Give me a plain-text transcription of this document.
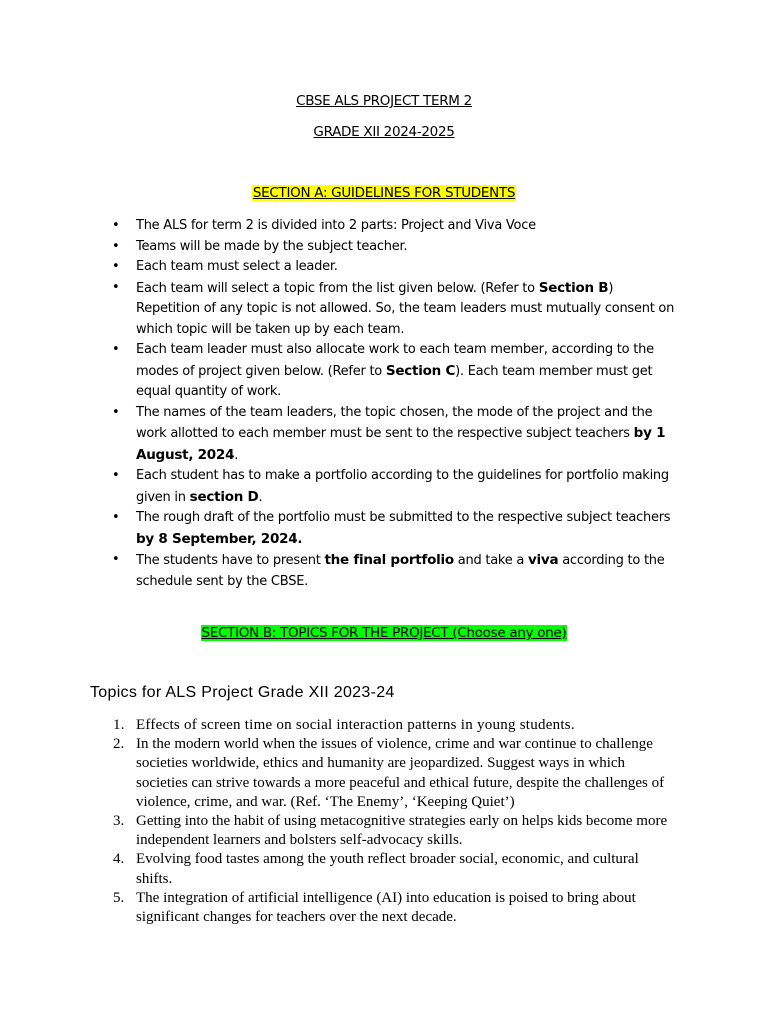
CBSE ALS PROJECT TERM 2
GRADE XII 2024-2025
SECTION A: GUIDELINES FOR STUDENTS
• The ALS for term 2 is divided into 2 parts: Project and Viva Voce
• Teams will be made by the subject teacher.
• Each team must select a leader.
• Each team will select a topic from the list given below. (Refer to Section B) Repetition of any topic is not allowed. So, the team leaders must mutually consent on which topic will be taken up by each team.
• Each team leader must also allocate work to each team member, according to the modes of project given below. (Refer to Section C). Each team member must get equal quantity of work.
• The names of the team leaders, the topic chosen, the mode of the project and the work allotted to each member must be sent to the respective subject teachers by 1 August, 2024.
• Each student has to make a portfolio according to the guidelines for portfolio making given in section D.
• The rough draft of the portfolio must be submitted to the respective subject teachers by 8 September, 2024.
• The students have to present the final portfolio and take a viva according to the schedule sent by the CBSE.
SECTION B: TOPICS FOR THE PROJECT (Choose any one)
Topics for ALS Project Grade XII 2023-24
1. Effects of screen time on social interaction patterns in young students.
2. In the modern world when the issues of violence, crime and war continue to challenge societies worldwide, ethics and humanity are jeopardized. Suggest ways in which societies can strive towards a more peaceful and ethical future, despite the challenges of violence, crime, and war. (Ref. ‘The Enemy’, ‘Keeping Quiet’)
3. Getting into the habit of using metacognitive strategies early on helps kids become more independent learners and bolsters self-advocacy skills.
4. Evolving food tastes among the youth reflect broader social, economic, and cultural shifts.
5. The integration of artificial intelligence (AI) into education is poised to bring about significant changes for teachers over the next decade.
